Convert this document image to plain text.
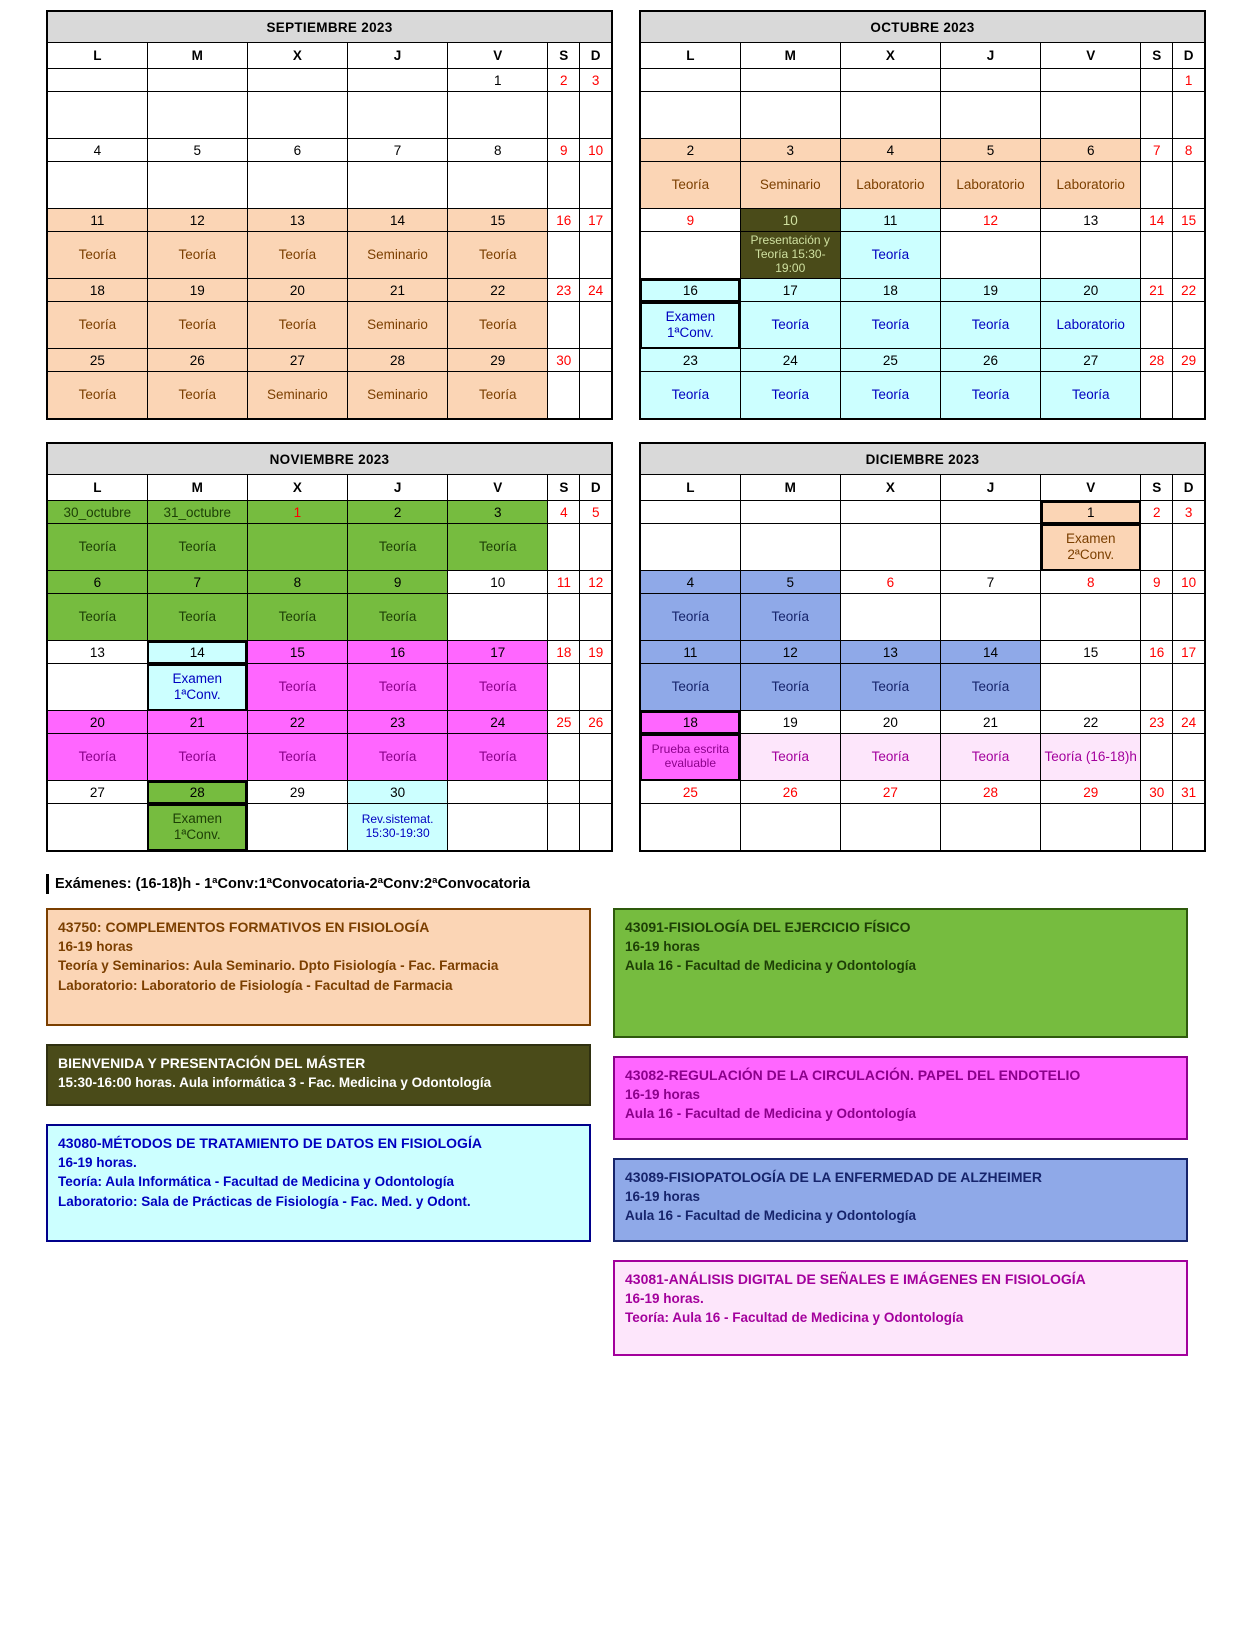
SEPTIEMBRE 2023						
L	M	X	J	V	S	D
				1	2	3

4	5	6	7	8	9	10

11	12	13	14	15	16	17
Teoría	Teoría	Teoría	Seminario	Teoría		
18	19	20	21	22	23	24
Teoría	Teoría	Teoría	Seminario	Teoría		
25	26	27	28	29	30	
Teoría	Teoría	Seminario	Seminario	Teoría		
OCTUBRE 2023						
L	M	X	J	V	S	D
						1

2	3	4	5	6	7	8
Teoría	Seminario	Laboratorio	Laboratorio	Laboratorio		
9	10	11	12	13	14	15
	Presentación y Teoría 15:30-19:00	Teoría				
16	17	18	19	20	21	22
Examen 1ªConv.	Teoría	Teoría	Teoría	Laboratorio		
23	24	25	26	27	28	29
Teoría	Teoría	Teoría	Teoría	Teoría		
NOVIEMBRE 2023						
L	M	X	J	V	S	D
30_octubre	31_octubre	1	2	3	4	5
Teoría	Teoría		Teoría	Teoría		
6	7	8	9	10	11	12
Teoría	Teoría	Teoría	Teoría			
13	14	15	16	17	18	19
	Examen 1ªConv.	Teoría	Teoría	Teoría		
20	21	22	23	24	25	26
Teoría	Teoría	Teoría	Teoría	Teoría		
27	28	29	30			
	Examen 1ªConv.		Rev.sistemat. 15:30-19:30			
DICIEMBRE 2023						
L	M	X	J	V	S	D
				1	2	3
				Examen 2ªConv.		
4	5	6	7	8	9	10
Teoría	Teoría					
11	12	13	14	15	16	17
Teoría	Teoría	Teoría	Teoría			
18	19	20	21	22	23	24
Prueba escrita evaluable	Teoría	Teoría	Teoría	Teoría (16-18)h		
25	26	27	28	29	30	31

Exámenes: (16-18)h - 1ªConv:1ªConvocatoria-2ªConv:2ªConvocatoria
43750: COMPLEMENTOS FORMATIVOS EN FISIOLOGÍA
16-19 horas
Teoría y Seminarios: Aula Seminario. Dpto Fisiología - Fac. Farmacia
Laboratorio: Laboratorio de Fisiología - Facultad de Farmacia
BIENVENIDA Y PRESENTACIÓN DEL MÁSTER
15:30-16:00 horas. Aula informática 3 - Fac. Medicina y Odontología
43080-MÉTODOS DE TRATAMIENTO DE DATOS EN FISIOLOGÍA
16-19 horas.
Teoría: Aula Informática - Facultad de Medicina y Odontología
Laboratorio: Sala de Prácticas de Fisiología - Fac. Med. y Odont.
43091-FISIOLOGÍA DEL EJERCICIO FÍSICO
16-19 horas
Aula 16 - Facultad de Medicina y Odontología
43082-REGULACIÓN DE LA CIRCULACIÓN. PAPEL DEL ENDOTELIO
16-19 horas
Aula 16 - Facultad de Medicina y Odontología
43089-FISIOPATOLOGÍA DE LA ENFERMEDAD DE ALZHEIMER
16-19 horas
Aula 16 - Facultad de Medicina y Odontología
43081-ANÁLISIS DIGITAL DE SEÑALES E IMÁGENES EN FISIOLOGÍA
16-19 horas.
Teoría: Aula 16 - Facultad de Medicina y Odontología
